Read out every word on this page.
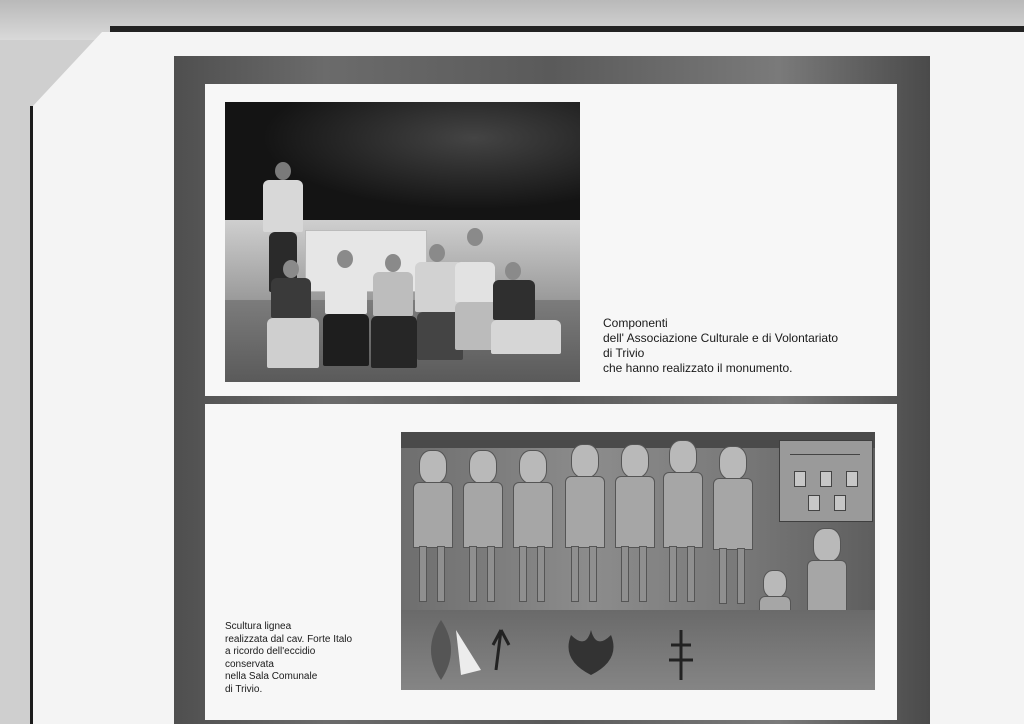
Componenti
dell' Associazione Culturale e di Volontariato
di Trivio
che hanno realizzato il monumento.
Scultura lignea
realizzata dal cav. Forte Italo
a ricordo dell'eccidio
conservata
nella Sala Comunale
di Trivio.
